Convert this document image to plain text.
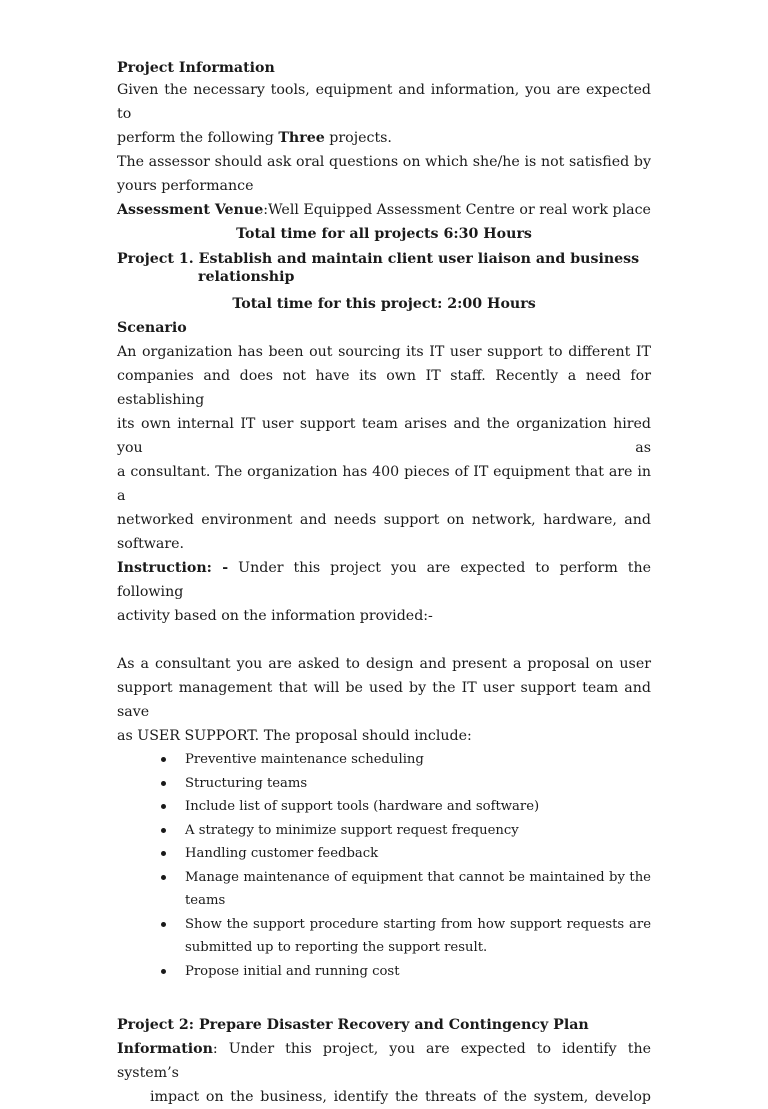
Project Information
Given the necessary tools, equipment and information, you are expected to
perform the following Three projects.
The assessor should ask oral questions on which she/he is not satisfied by
yours performance
Assessment Venue:Well Equipped Assessment Centre or real work place
Total time for all projects 6:30 Hours
Project 1. Establish and maintain client user liaison and business
relationship
Total time for this project: 2:00 Hours
Scenario
An organization has been out sourcing its IT user support to different IT
companies and does not have its own IT staff. Recently a need for establishing
its own internal IT user support team arises and the organization hired you as
a consultant. The organization has 400 pieces of IT equipment that are in a
networked environment and needs support on network, hardware, and
software.
Instruction: - Under this project you are expected to perform the following
activity based on the information provided:-
As a consultant you are asked to design and present a proposal on user
support management that will be used by the IT user support team and save
as USER SUPPORT. The proposal should include:
Preventive maintenance scheduling
Structuring teams
Include list of support tools (hardware and software)
A strategy to minimize support request frequency
Handling customer feedback
Manage maintenance of equipment that cannot be maintained by the
teams
Show the support procedure starting from how support requests are
submitted up to reporting the support result.
Propose initial and running cost
Project 2: Prepare Disaster Recovery and Contingency Plan
Information: Under this project, you are expected to identify the system’s
impact on the business, identify the threats of the system, develop
